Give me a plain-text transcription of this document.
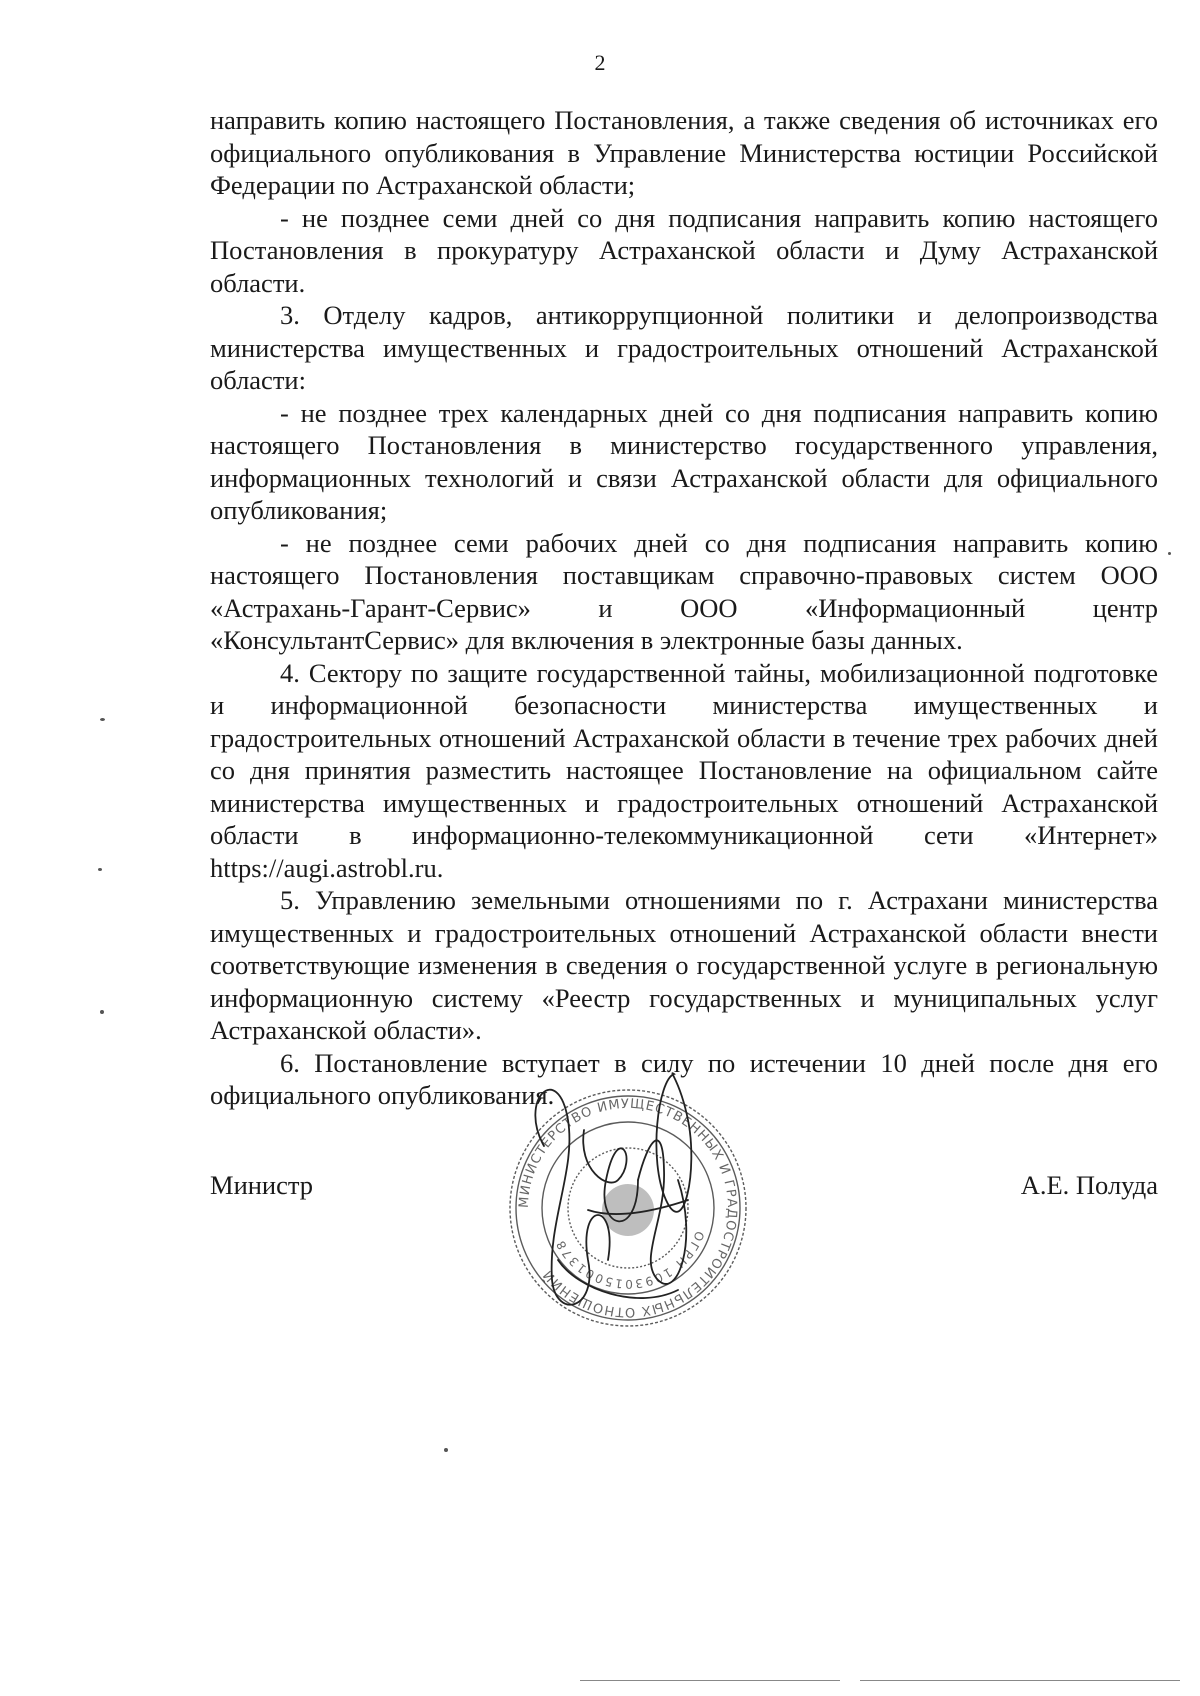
2

направить копию настоящего Постановления, а также сведения об источниках его официального опубликования в Управление Министерства юстиции Российской Федерации по Астраханской области;

- не позднее семи дней со дня подписания направить копию настоящего Постановления в прокуратуру Астраханской области и Думу Астраханской области.

3. Отделу кадров, антикоррупционной политики и делопроизводства министерства имущественных и градостроительных отношений Астраханской области:

- не позднее трех календарных дней со дня подписания направить копию настоящего Постановления в министерство государственного управления, информационных технологий и связи Астраханской области для официального опубликования;

- не позднее семи рабочих дней со дня подписания направить копию настоящего Постановления поставщикам справочно-правовых систем ООО «Астрахань-Гарант-Сервис» и ООО «Информационный центр «КонсультантСервис» для включения в электронные базы данных.

4. Сектору по защите государственной тайны, мобилизационной подготовке и информационной безопасности министерства имущественных и градостроительных отношений Астраханской области в течение трех рабочих дней со дня принятия разместить настоящее Постановление на официальном сайте министерства имущественных и градостроительных отношений Астраханской области в информационно-телекоммуникационной сети «Интернет» https://augi.astrobl.ru.

5. Управлению земельными отношениями по г. Астрахани министерства имущественных и градостроительных отношений Астраханской области внести соответствующие изменения в сведения о государственной услуге в региональную информационную систему «Реестр государственных и муниципальных услуг Астраханской области».

6. Постановление вступает в силу по истечении 10 дней после дня его официального опубликования.

Министр	А.Е. Полуда
МИНИСТЕРСТВО ИМУЩЕСТВЕННЫХ И ГРАДОСТРОИТЕЛЬНЫХ ОТНОШЕНИЙ
ОГРН 1093015001378
